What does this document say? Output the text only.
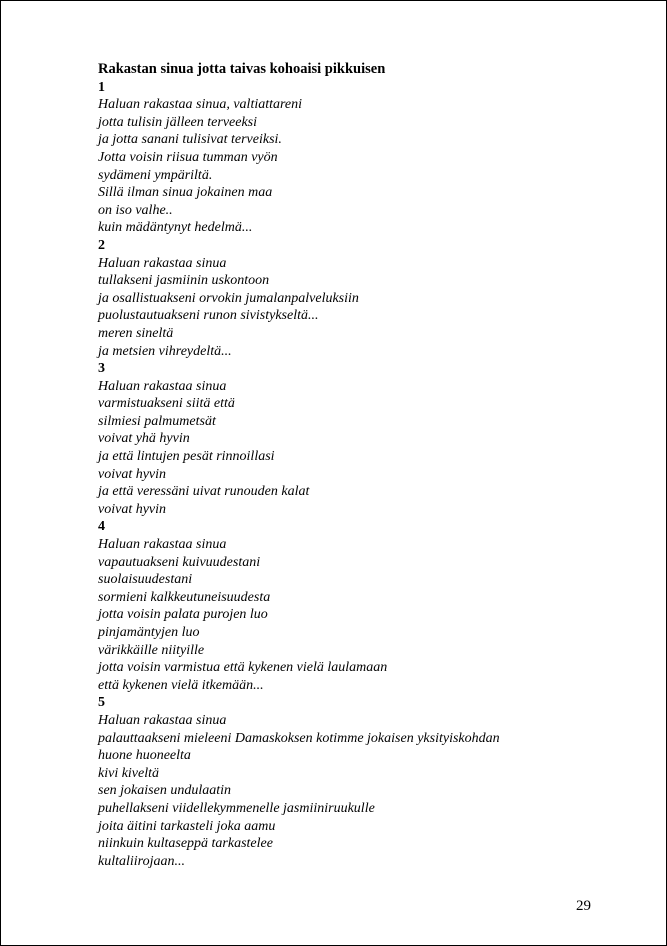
Rakastan sinua jotta taivas kohoaisi pikkuisen
1
Haluan rakastaa sinua, valtiattareni
jotta tulisin jälleen terveeksi
ja jotta sanani tulisivat terveiksi.
Jotta voisin riisua tumman vyön
sydämeni ympäriltä.
Sillä ilman sinua jokainen maa
on iso valhe..
kuin mädäntynyt hedelmä...
2
Haluan rakastaa sinua
tullakseni jasmiinin uskontoon
ja osallistuakseni orvokin jumalanpalveluksiin
puolustautuakseni runon sivistykseltä...
meren sineltä
ja metsien vihreydeltä...
3
Haluan rakastaa sinua
varmistuakseni siitä että
silmiesi palmumetsät
voivat yhä hyvin
ja että lintujen pesät rinnoillasi
voivat hyvin
ja että veressäni uivat runouden kalat
voivat hyvin
4
Haluan rakastaa sinua
vapautuakseni kuivuudestani
suolaisuudestani
sormieni kalkkeutuneisuudesta
jotta voisin palata purojen luo
pinjamäntyjen luo
värikkäille niityille
jotta voisin varmistua että kykenen vielä laulamaan
että kykenen vielä itkemään...
5
Haluan rakastaa sinua
palauttaakseni mieleeni Damaskoksen kotimme jokaisen yksityiskohdan
huone huoneelta
kivi kiveltä
sen jokaisen undulaatin
puhellakseni viidellekymmenelle jasmiiniruukulle
joita äitini tarkasteli joka aamu
niinkuin kultaseppä tarkastelee
kultaliirojaan...
29
